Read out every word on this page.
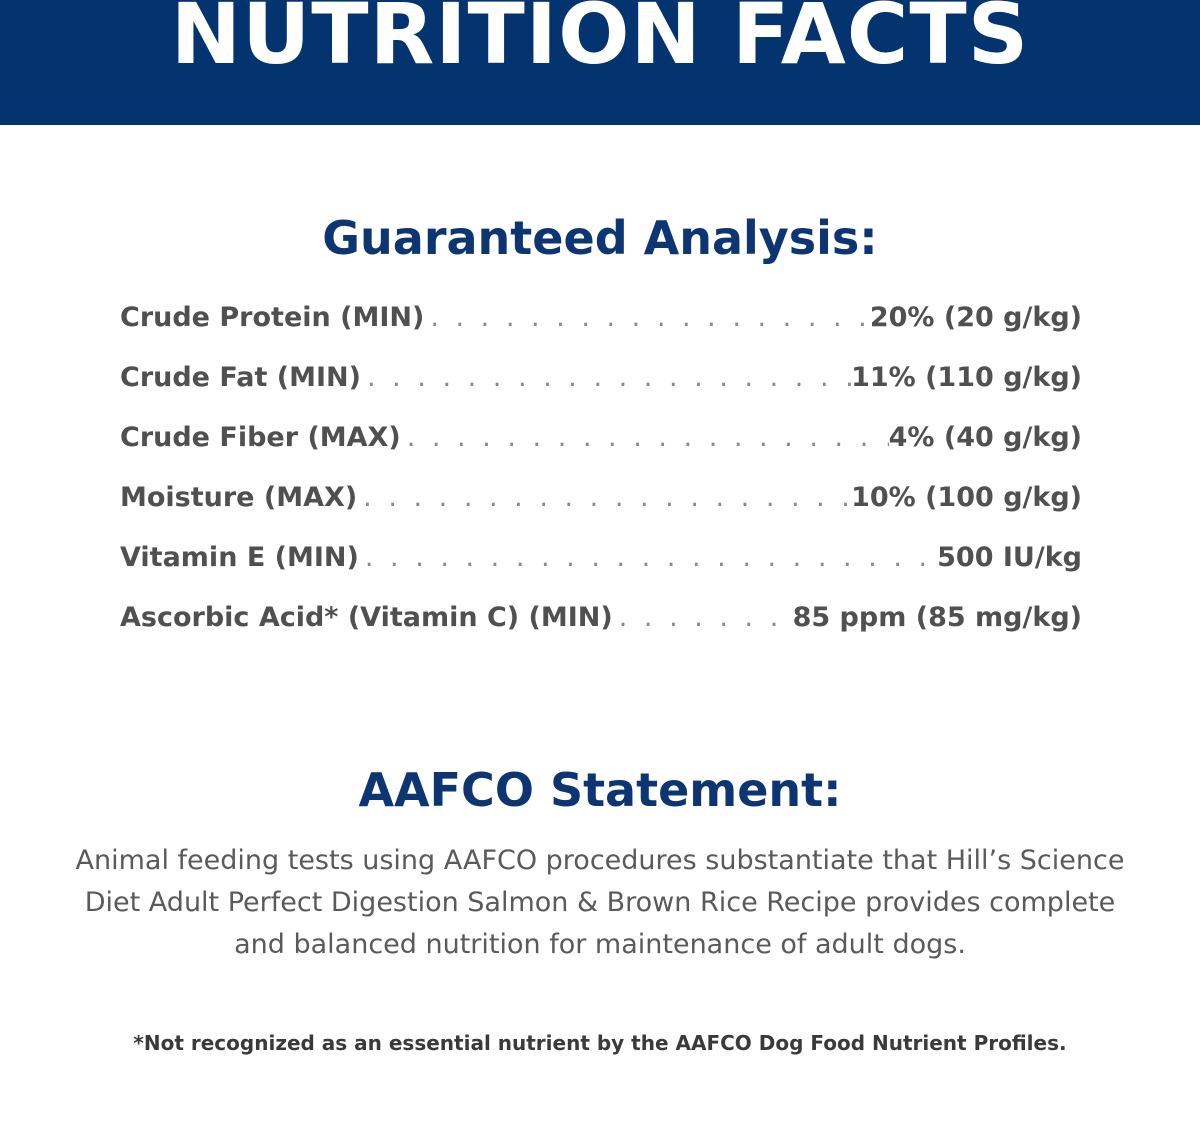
NUTRITION FACTS
Guaranteed Analysis:
Crude Protein (MIN) . . .	20% (20 g/kg)
Crude Fat (MIN) . . .	11% (110 g/kg)
Crude Fiber (MAX) . . .	4% (40 g/kg)
Moisture (MAX) . . .	10% (100 g/kg)
Vitamin E (MIN) . . .	500 IU/kg
Ascorbic Acid* (Vitamin C) (MIN) . . .	85 ppm (85 mg/kg)
AAFCO Statement:
Animal feeding tests using AAFCO procedures substantiate that Hill’s Science Diet Adult Perfect Digestion Salmon & Brown Rice Recipe provides complete and balanced nutrition for maintenance of adult dogs.
*Not recognized as an essential nutrient by the AAFCO Dog Food Nutrient Profiles.
